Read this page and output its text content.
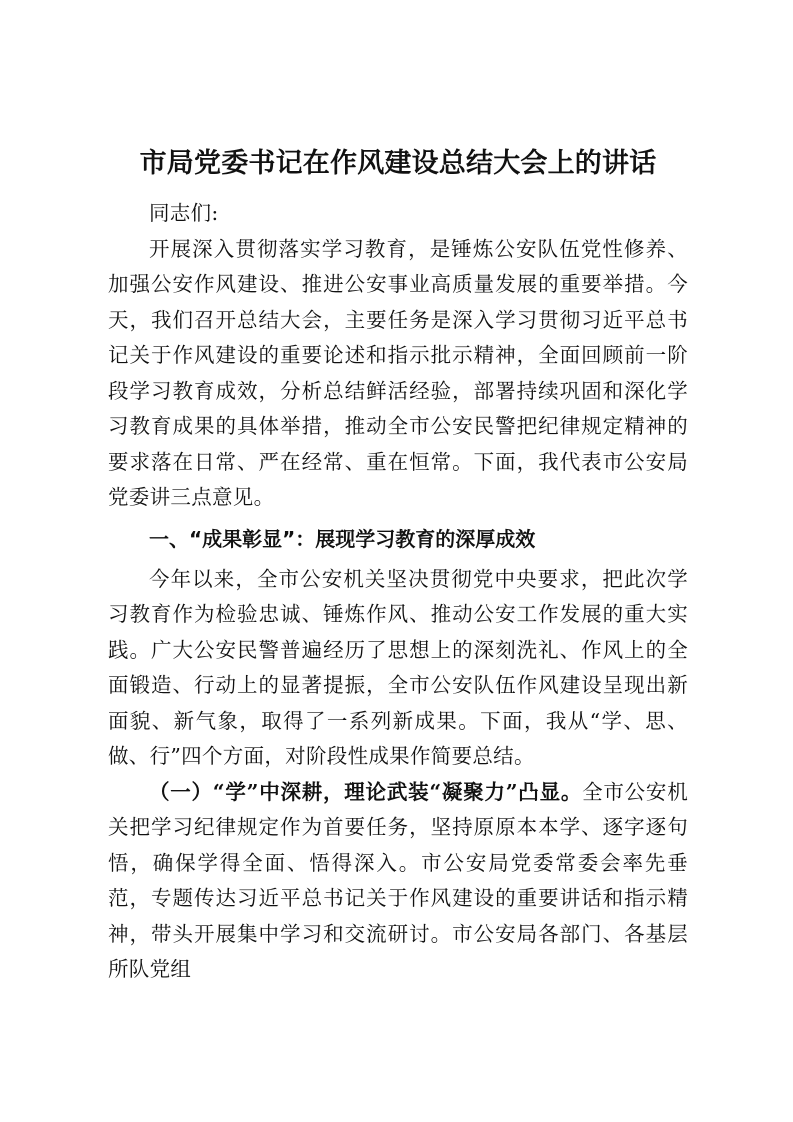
市局党委书记在作风建设总结大会上的讲话

同志们:

开展深入贯彻落实学习教育，是锤炼公安队伍党性修养、加强公安作风建设、推进公安事业高质量发展的重要举措。今天，我们召开总结大会，主要任务是深入学习贯彻习近平总书记关于作风建设的重要论述和指示批示精神，全面回顾前一阶段学习教育成效，分析总结鲜活经验，部署持续巩固和深化学习教育成果的具体举措，推动全市公安民警把纪律规定精神的要求落在日常、严在经常、重在恒常。下面，我代表市公安局党委讲三点意见。

一、“成果彰显”：展现学习教育的深厚成效

今年以来，全市公安机关坚决贯彻党中央要求，把此次学习教育作为检验忠诚、锤炼作风、推动公安工作发展的重大实践。广大公安民警普遍经历了思想上的深刻洗礼、作风上的全面锻造、行动上的显著提振，全市公安队伍作风建设呈现出新面貌、新气象，取得了一系列新成果。下面，我从“学、思、做、行”四个方面，对阶段性成果作简要总结。

（一）“学”中深耕，理论武装“凝聚力”凸显。全市公安机关把学习纪律规定作为首要任务，坚持原原本本学、逐字逐句悟，确保学得全面、悟得深入。市公安局党委常委会率先垂范，专题传达习近平总书记关于作风建设的重要讲话和指示精神，带头开展集中学习和交流研讨。市公安局各部门、各基层所队党组
